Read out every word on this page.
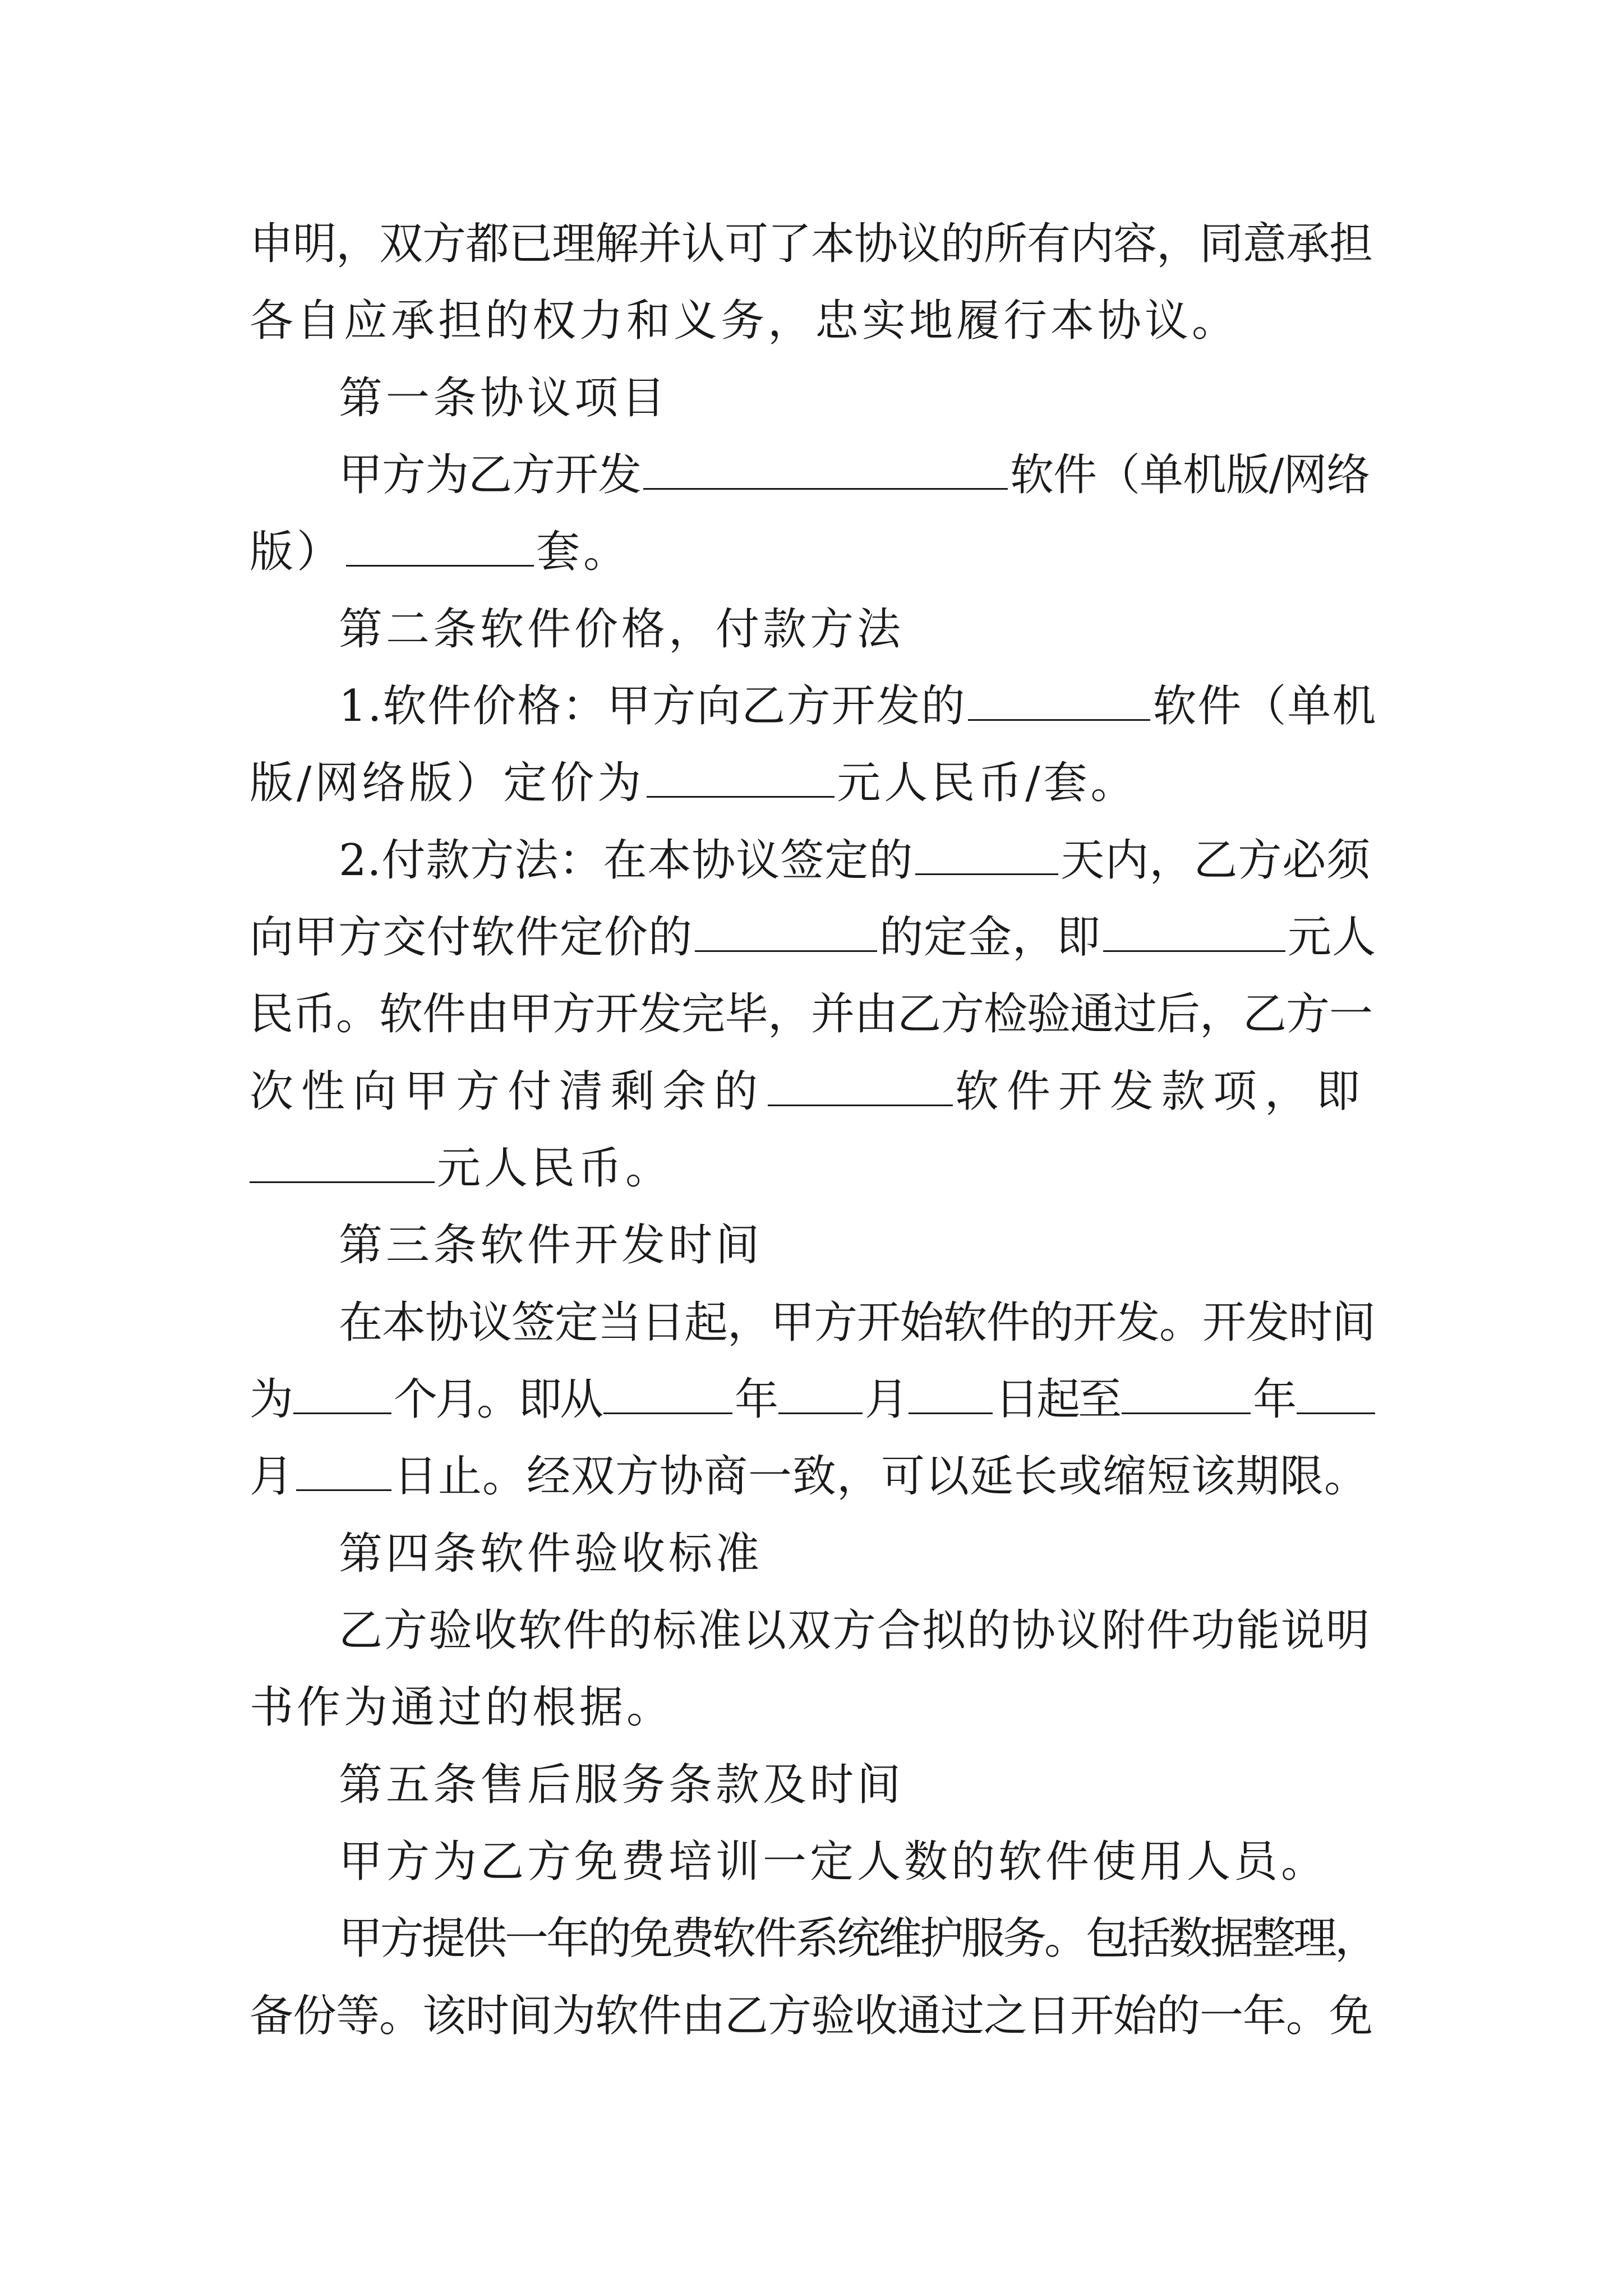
申明，双方都已理解并认可了本协议的所有内容，同意承担
各自应承担的权力和义务，忠实地履行本协议。
第一条协议项目
甲方为乙方开发	软件（单机版/网络
版）	套。
第二条软件价格，付款方法
1.软件价格：甲方向乙方开发的	软件（单机
版/网络版）定价为	元人民币/套。
2.付款方法：在本协议签定的	天内，乙方必须
向甲方交付软件定价的	的定金，即	元人
民币。软件由甲方开发完毕，并由乙方检验通过后，乙方一
次性向甲方付清剩余的	软件开发款项，即
元人民币。
第三条软件开发时间
在本协议签定当日起，甲方开始软件的开发。开发时间
为 个月。即从	年 月 日起至	年
月 日止。经双方协商一致，可以延长或缩短该期限。
第四条软件验收标准
乙方验收软件的标准以双方合拟的协议附件功能说明
书作为通过的根据。
第五条售后服务条款及时间
甲方为乙方免费培训一定人数的软件使用人员。
甲方提供一年的免费软件系统维护服务。包括数据整理，
备份等。该时间为软件由乙方验收通过之日开始的一年。免
